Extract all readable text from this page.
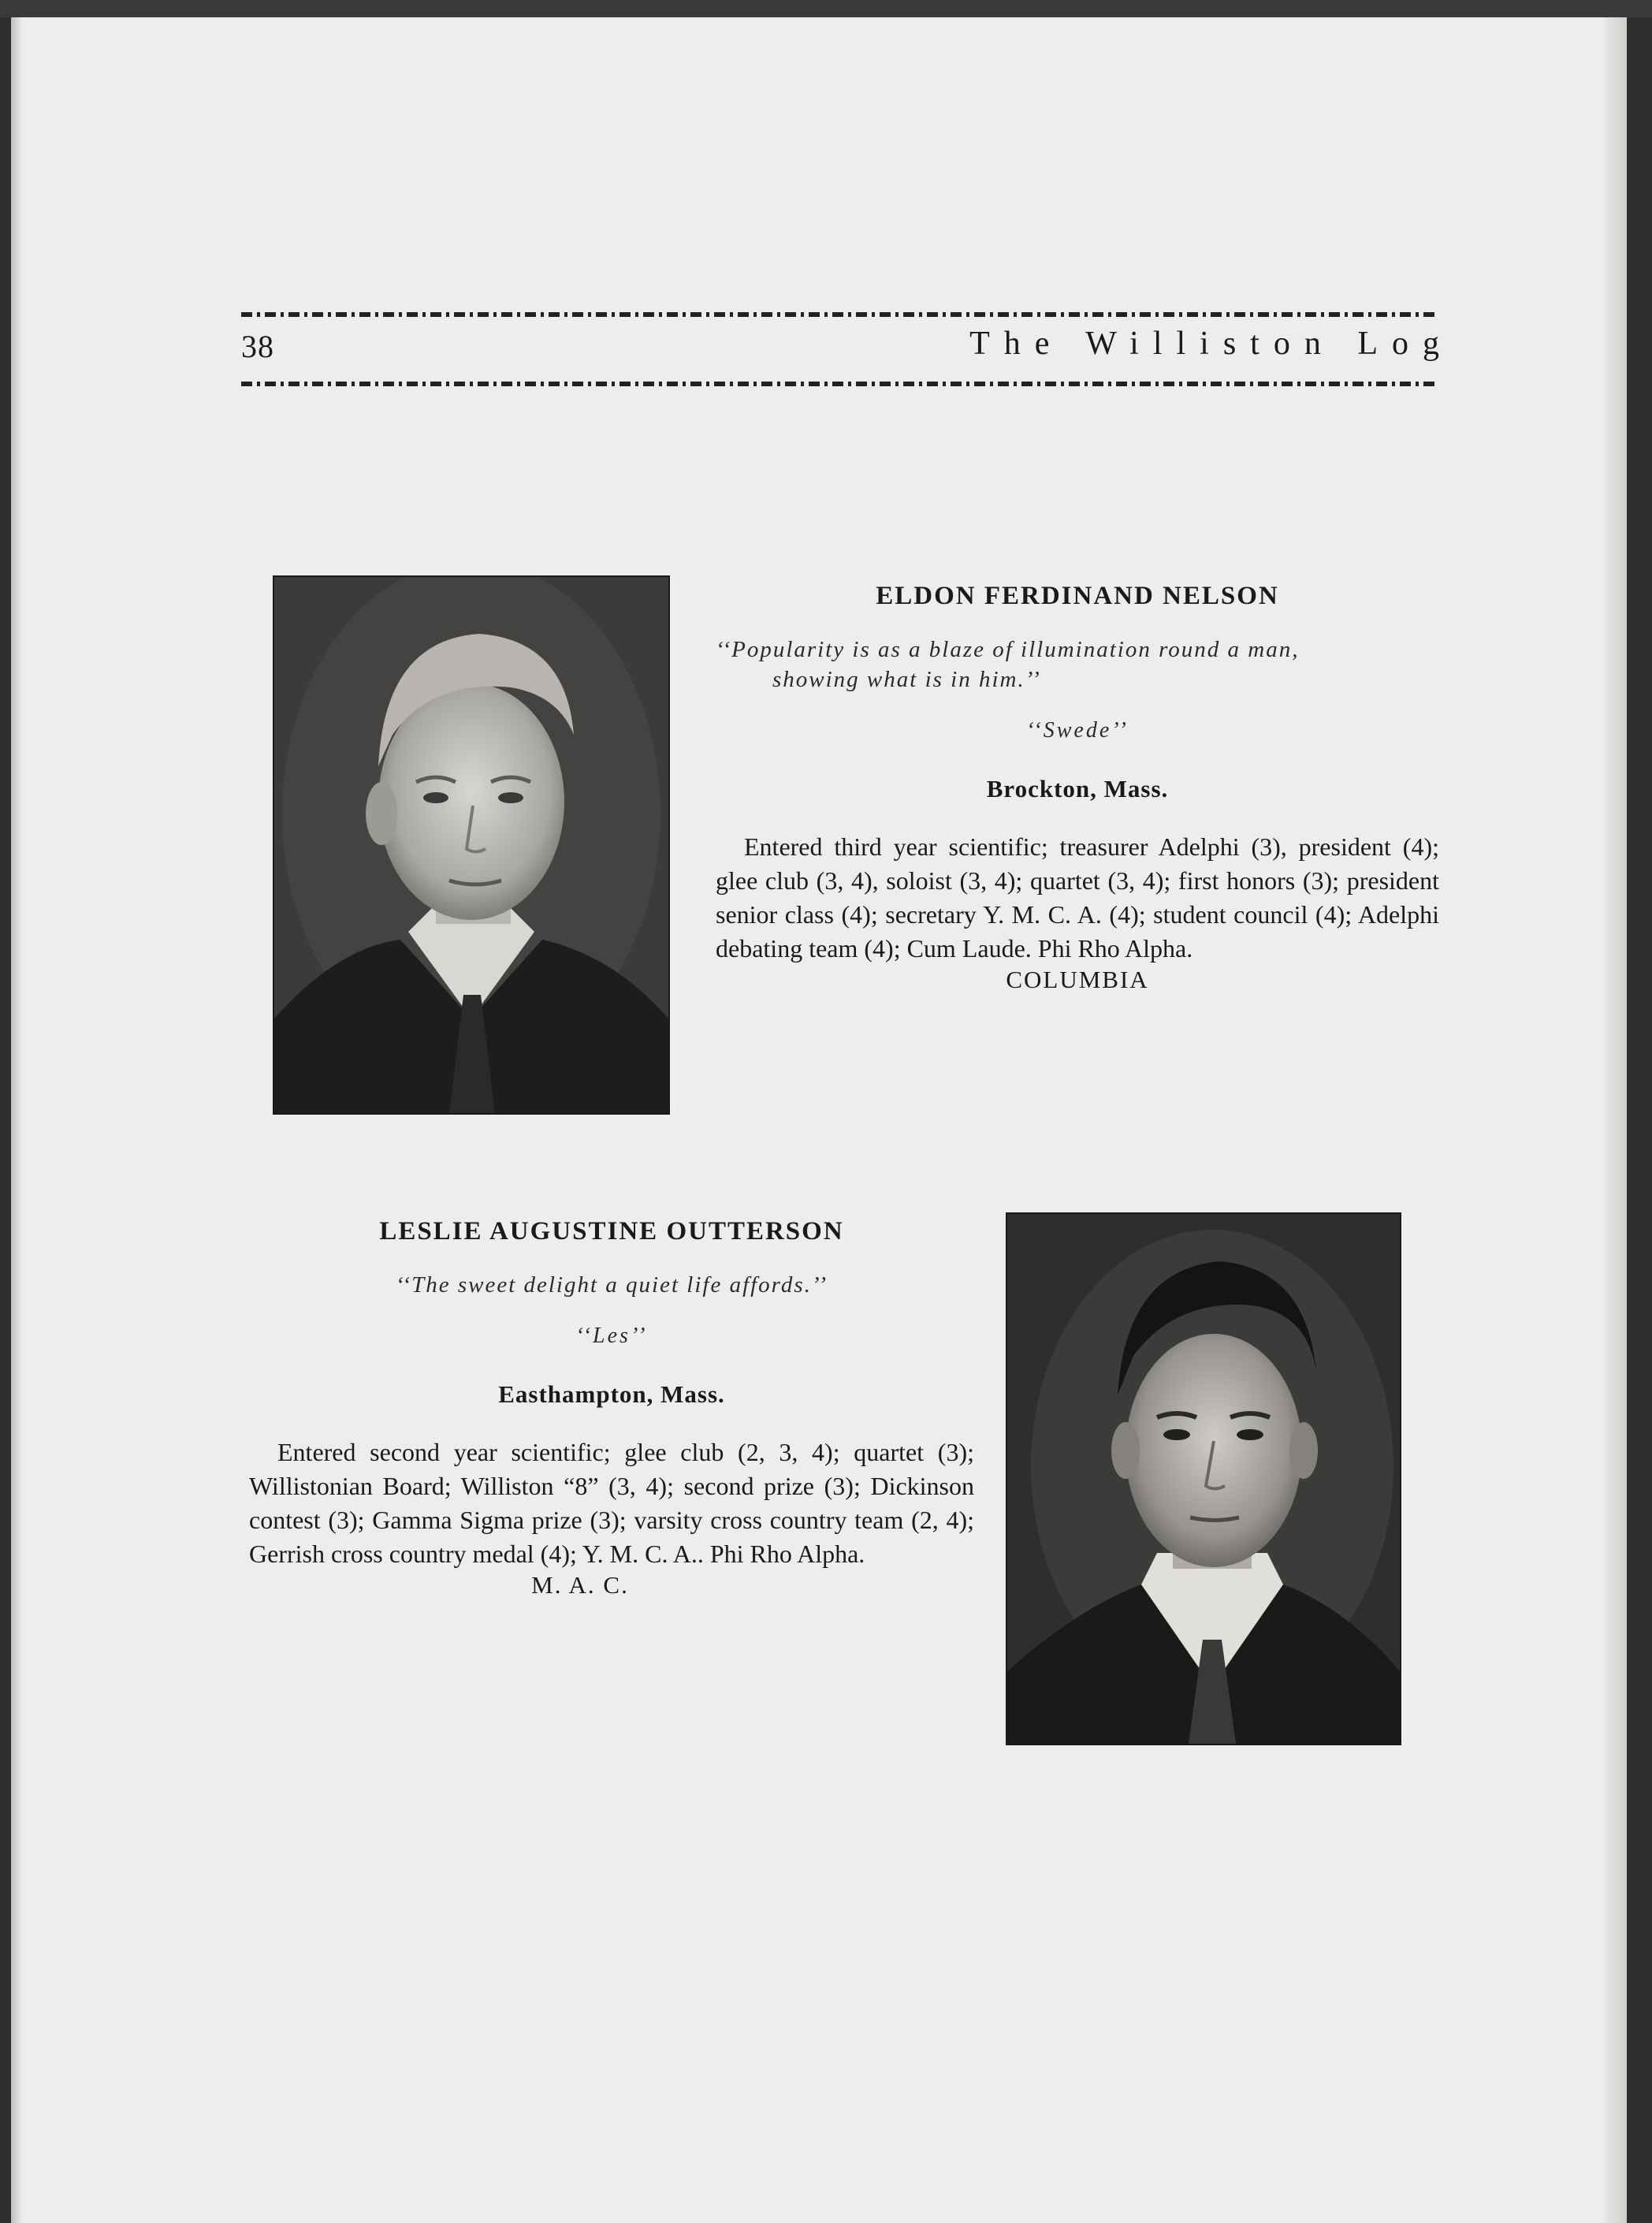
38	The Williston Log
ELDON FERDINAND NELSON
‘‘Popularity is as a blaze of illumination round a man,
showing what is in him.’’
‘‘Swede’’
Brockton, Mass.
Entered third year scientific; treasurer Adelphi (3), president (4); glee club (3, 4), soloist (3, 4); quartet (3, 4); first honors (3); president senior class (4); secretary Y. M. C. A. (4); student council (4); Adelphi debating team (4); Cum Laude. Phi Rho Alpha.
COLUMBIA
LESLIE AUGUSTINE OUTTERSON
‘‘The sweet delight a quiet life affords.’’
‘‘Les’’
Easthampton, Mass.
Entered second year scientific; glee club (2, 3, 4); quartet (3); Willistonian Board; Williston “8” (3, 4); second prize (3); Dickinson contest (3); Gamma Sigma prize (3); varsity cross country team (2, 4); Gerrish cross country medal (4); Y. M. C. A.. Phi Rho Alpha.
M. A. C.
